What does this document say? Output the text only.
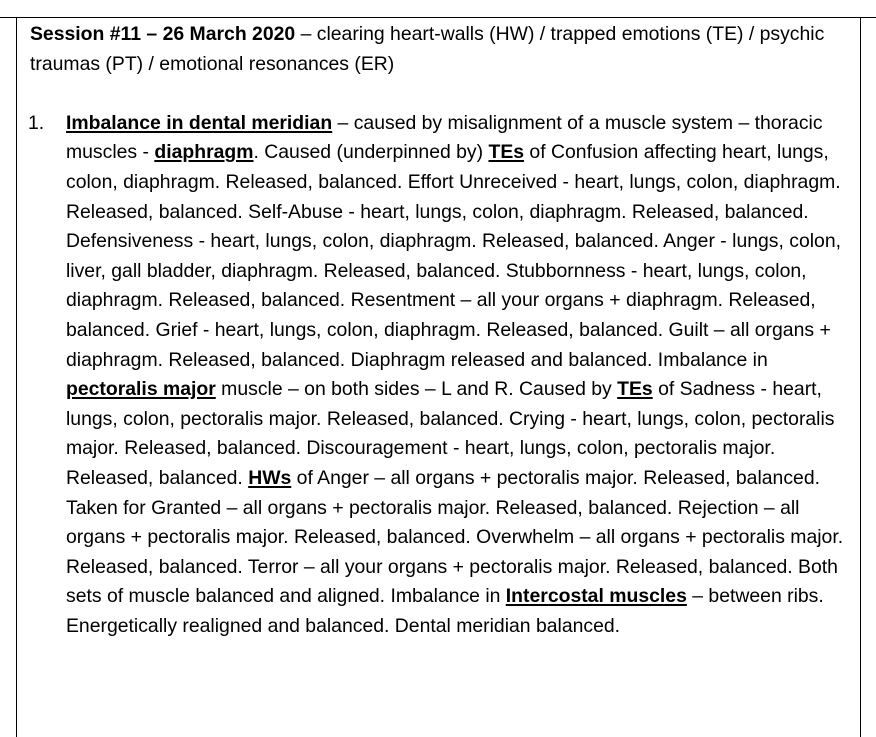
Session #11 – 26 March 2020 – clearing heart-walls (HW) / trapped emotions (TE) / psychic traumas (PT) / emotional resonances (ER)

1. Imbalance in dental meridian – caused by misalignment of a muscle system – thoracic muscles - diaphragm. Caused (underpinned by) TEs of Confusion affecting heart, lungs, colon, diaphragm. Released, balanced. Effort Unreceived - heart, lungs, colon, diaphragm. Released, balanced. Self-Abuse - heart, lungs, colon, diaphragm. Released, balanced. Defensiveness - heart, lungs, colon, diaphragm. Released, balanced. Anger - lungs, colon, liver, gall bladder, diaphragm. Released, balanced. Stubbornness - heart, lungs, colon, diaphragm. Released, balanced. Resentment – all your organs + diaphragm. Released, balanced. Grief - heart, lungs, colon, diaphragm. Released, balanced. Guilt – all organs + diaphragm. Released, balanced. Diaphragm released and balanced. Imbalance in pectoralis major muscle – on both sides – L and R. Caused by TEs of Sadness - heart, lungs, colon, pectoralis major. Released, balanced. Crying - heart, lungs, colon, pectoralis major. Released, balanced. Discouragement - heart, lungs, colon, pectoralis major. Released, balanced. HWs of Anger – all organs + pectoralis major. Released, balanced. Taken for Granted – all organs + pectoralis major. Released, balanced. Rejection – all organs + pectoralis major. Released, balanced. Overwhelm – all organs + pectoralis major. Released, balanced. Terror – all your organs + pectoralis major. Released, balanced. Both sets of muscle balanced and aligned. Imbalance in Intercostal muscles – between ribs. Energetically realigned and balanced. Dental meridian balanced.
